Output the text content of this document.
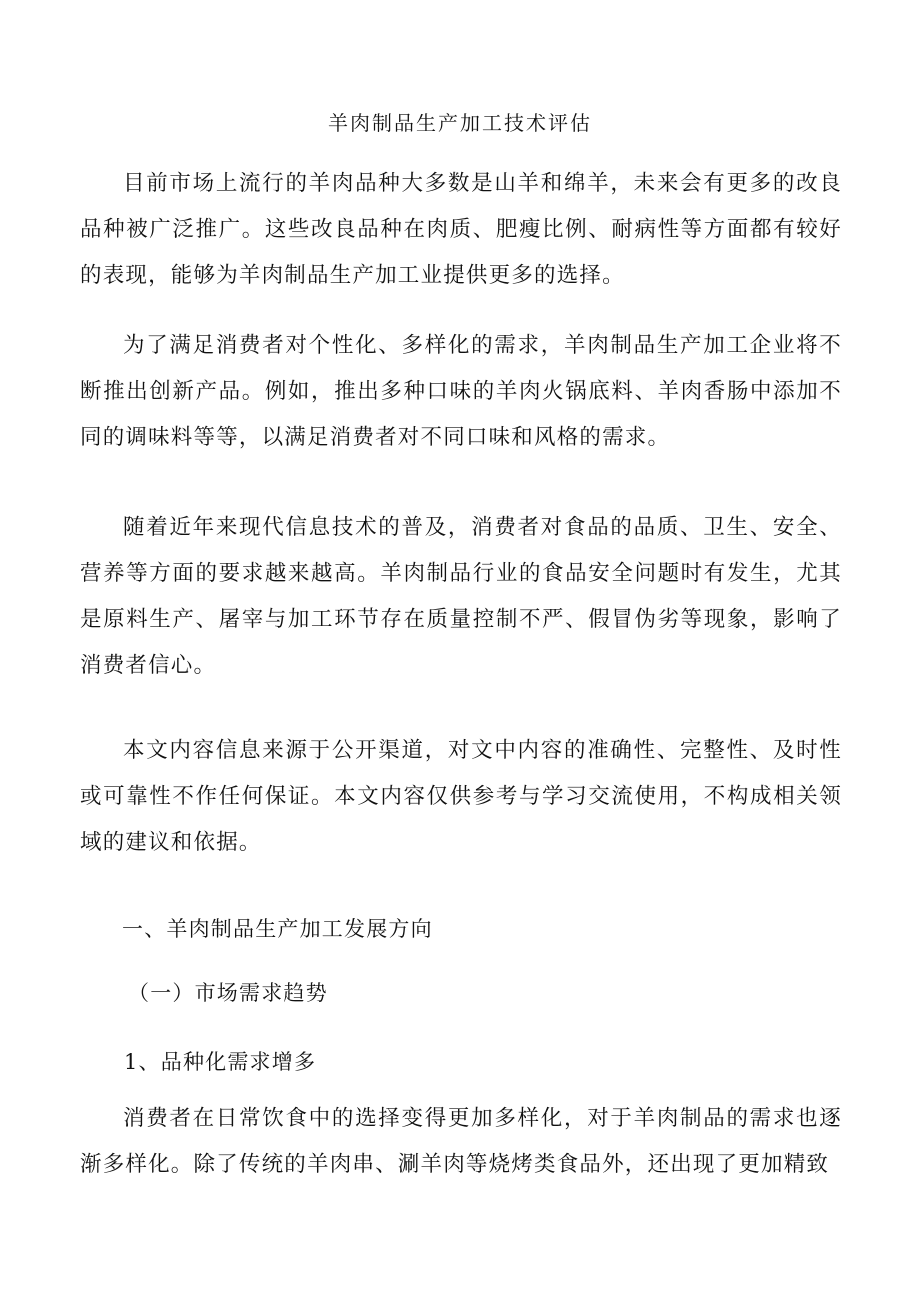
羊肉制品生产加工技术评估

目前市场上流行的羊肉品种大多数是山羊和绵羊，未来会有更多的改良品种被广泛推广。这些改良品种在肉质、肥瘦比例、耐病性等方面都有较好的表现，能够为羊肉制品生产加工业提供更多的选择。

为了满足消费者对个性化、多样化的需求，羊肉制品生产加工企业将不断推出创新产品。例如，推出多种口味的羊肉火锅底料、羊肉香肠中添加不同的调味料等等，以满足消费者对不同口味和风格的需求。

随着近年来现代信息技术的普及，消费者对食品的品质、卫生、安全、营养等方面的要求越来越高。羊肉制品行业的食品安全问题时有发生，尤其是原料生产、屠宰与加工环节存在质量控制不严、假冒伪劣等现象，影响了消费者信心。

本文内容信息来源于公开渠道，对文中内容的准确性、完整性、及时性或可靠性不作任何保证。本文内容仅供参考与学习交流使用，不构成相关领域的建议和依据。

一、羊肉制品生产加工发展方向

（一）市场需求趋势

1、品种化需求增多

消费者在日常饮食中的选择变得更加多样化，对于羊肉制品的需求也逐渐多样化。除了传统的羊肉串、涮羊肉等烧烤类食品外，还出现了更加精致
